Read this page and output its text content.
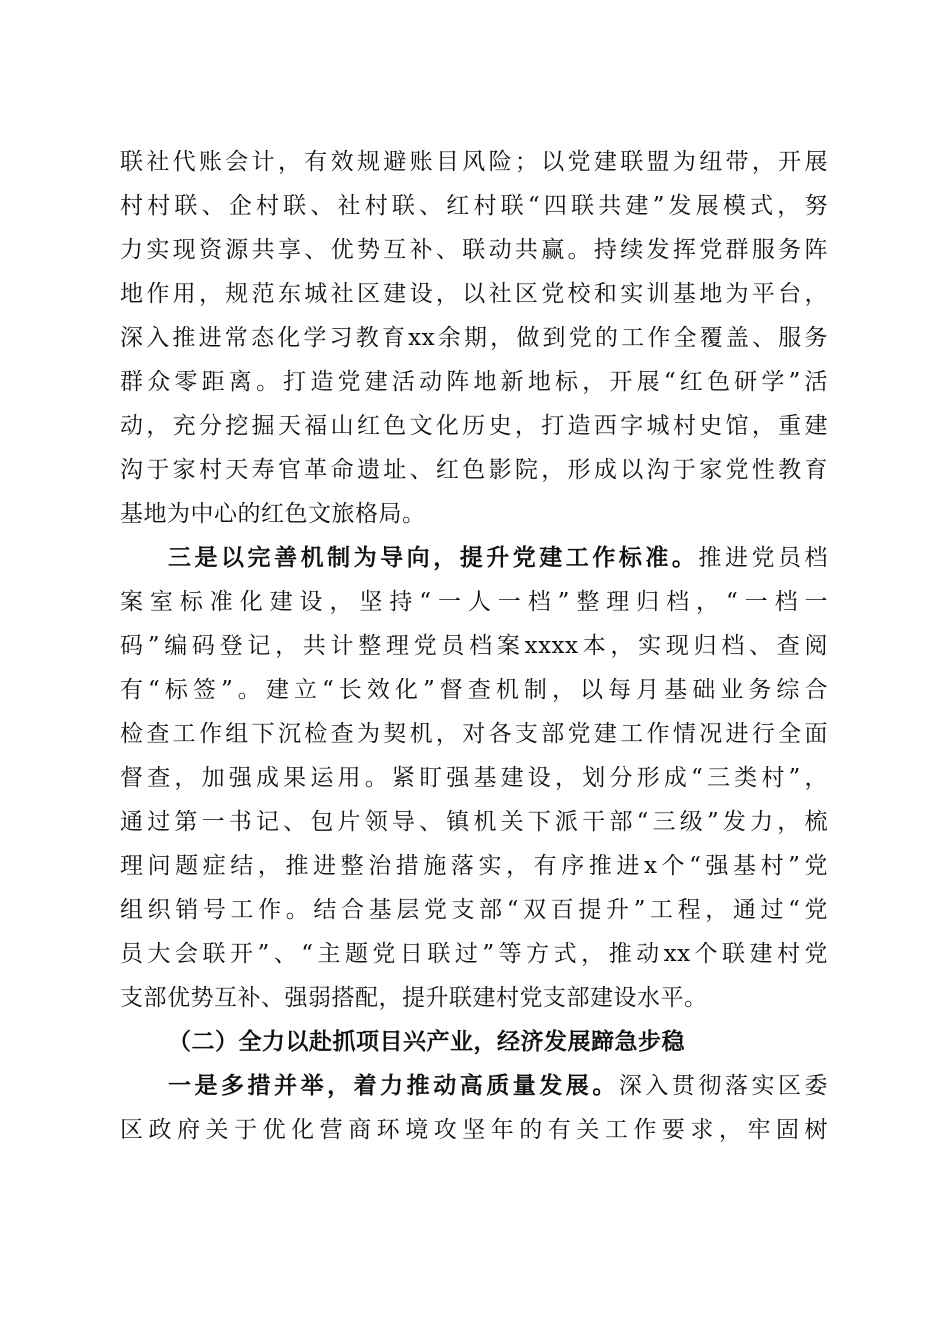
联社代账会计，有效规避账目风险；以党建联盟为纽带，开展
村村联、企村联、社村联、红村联“四联共建”发展模式，努
力实现资源共享、优势互补、联动共赢。持续发挥党群服务阵
地作用，规范东城社区建设，以社区党校和实训基地为平台，
深入推进常态化学习教育xx余期，做到党的工作全覆盖、服务
群众零距离。打造党建活动阵地新地标，开展“红色研学”活
动，充分挖掘天福山红色文化历史，打造西字城村史馆，重建
沟于家村天寿官革命遗址、红色影院，形成以沟于家党性教育
基地为中心的红色文旅格局。
三是以完善机制为导向，提升党建工作标准。推进党员档
案室标准化建设，坚持“一人一档”整理归档，“一档一
码”编码登记，共计整理党员档案xxxx本，实现归档、查阅
有“标签”。建立“长效化”督查机制，以每月基础业务综合
检查工作组下沉检查为契机，对各支部党建工作情况进行全面
督查，加强成果运用。紧盯强基建设，划分形成“三类村”，
通过第一书记、包片领导、镇机关下派干部“三级”发力，梳
理问题症结，推进整治措施落实，有序推进x个“强基村”党
组织销号工作。结合基层党支部“双百提升”工程，通过“党
员大会联开”、“主题党日联过”等方式，推动xx个联建村党
支部优势互补、强弱搭配，提升联建村党支部建设水平。
（二）全力以赴抓项目兴产业，经济发展蹄急步稳
一是多措并举，着力推动高质量发展。深入贯彻落实区委
区政府关于优化营商环境攻坚年的有关工作要求，牢固树
